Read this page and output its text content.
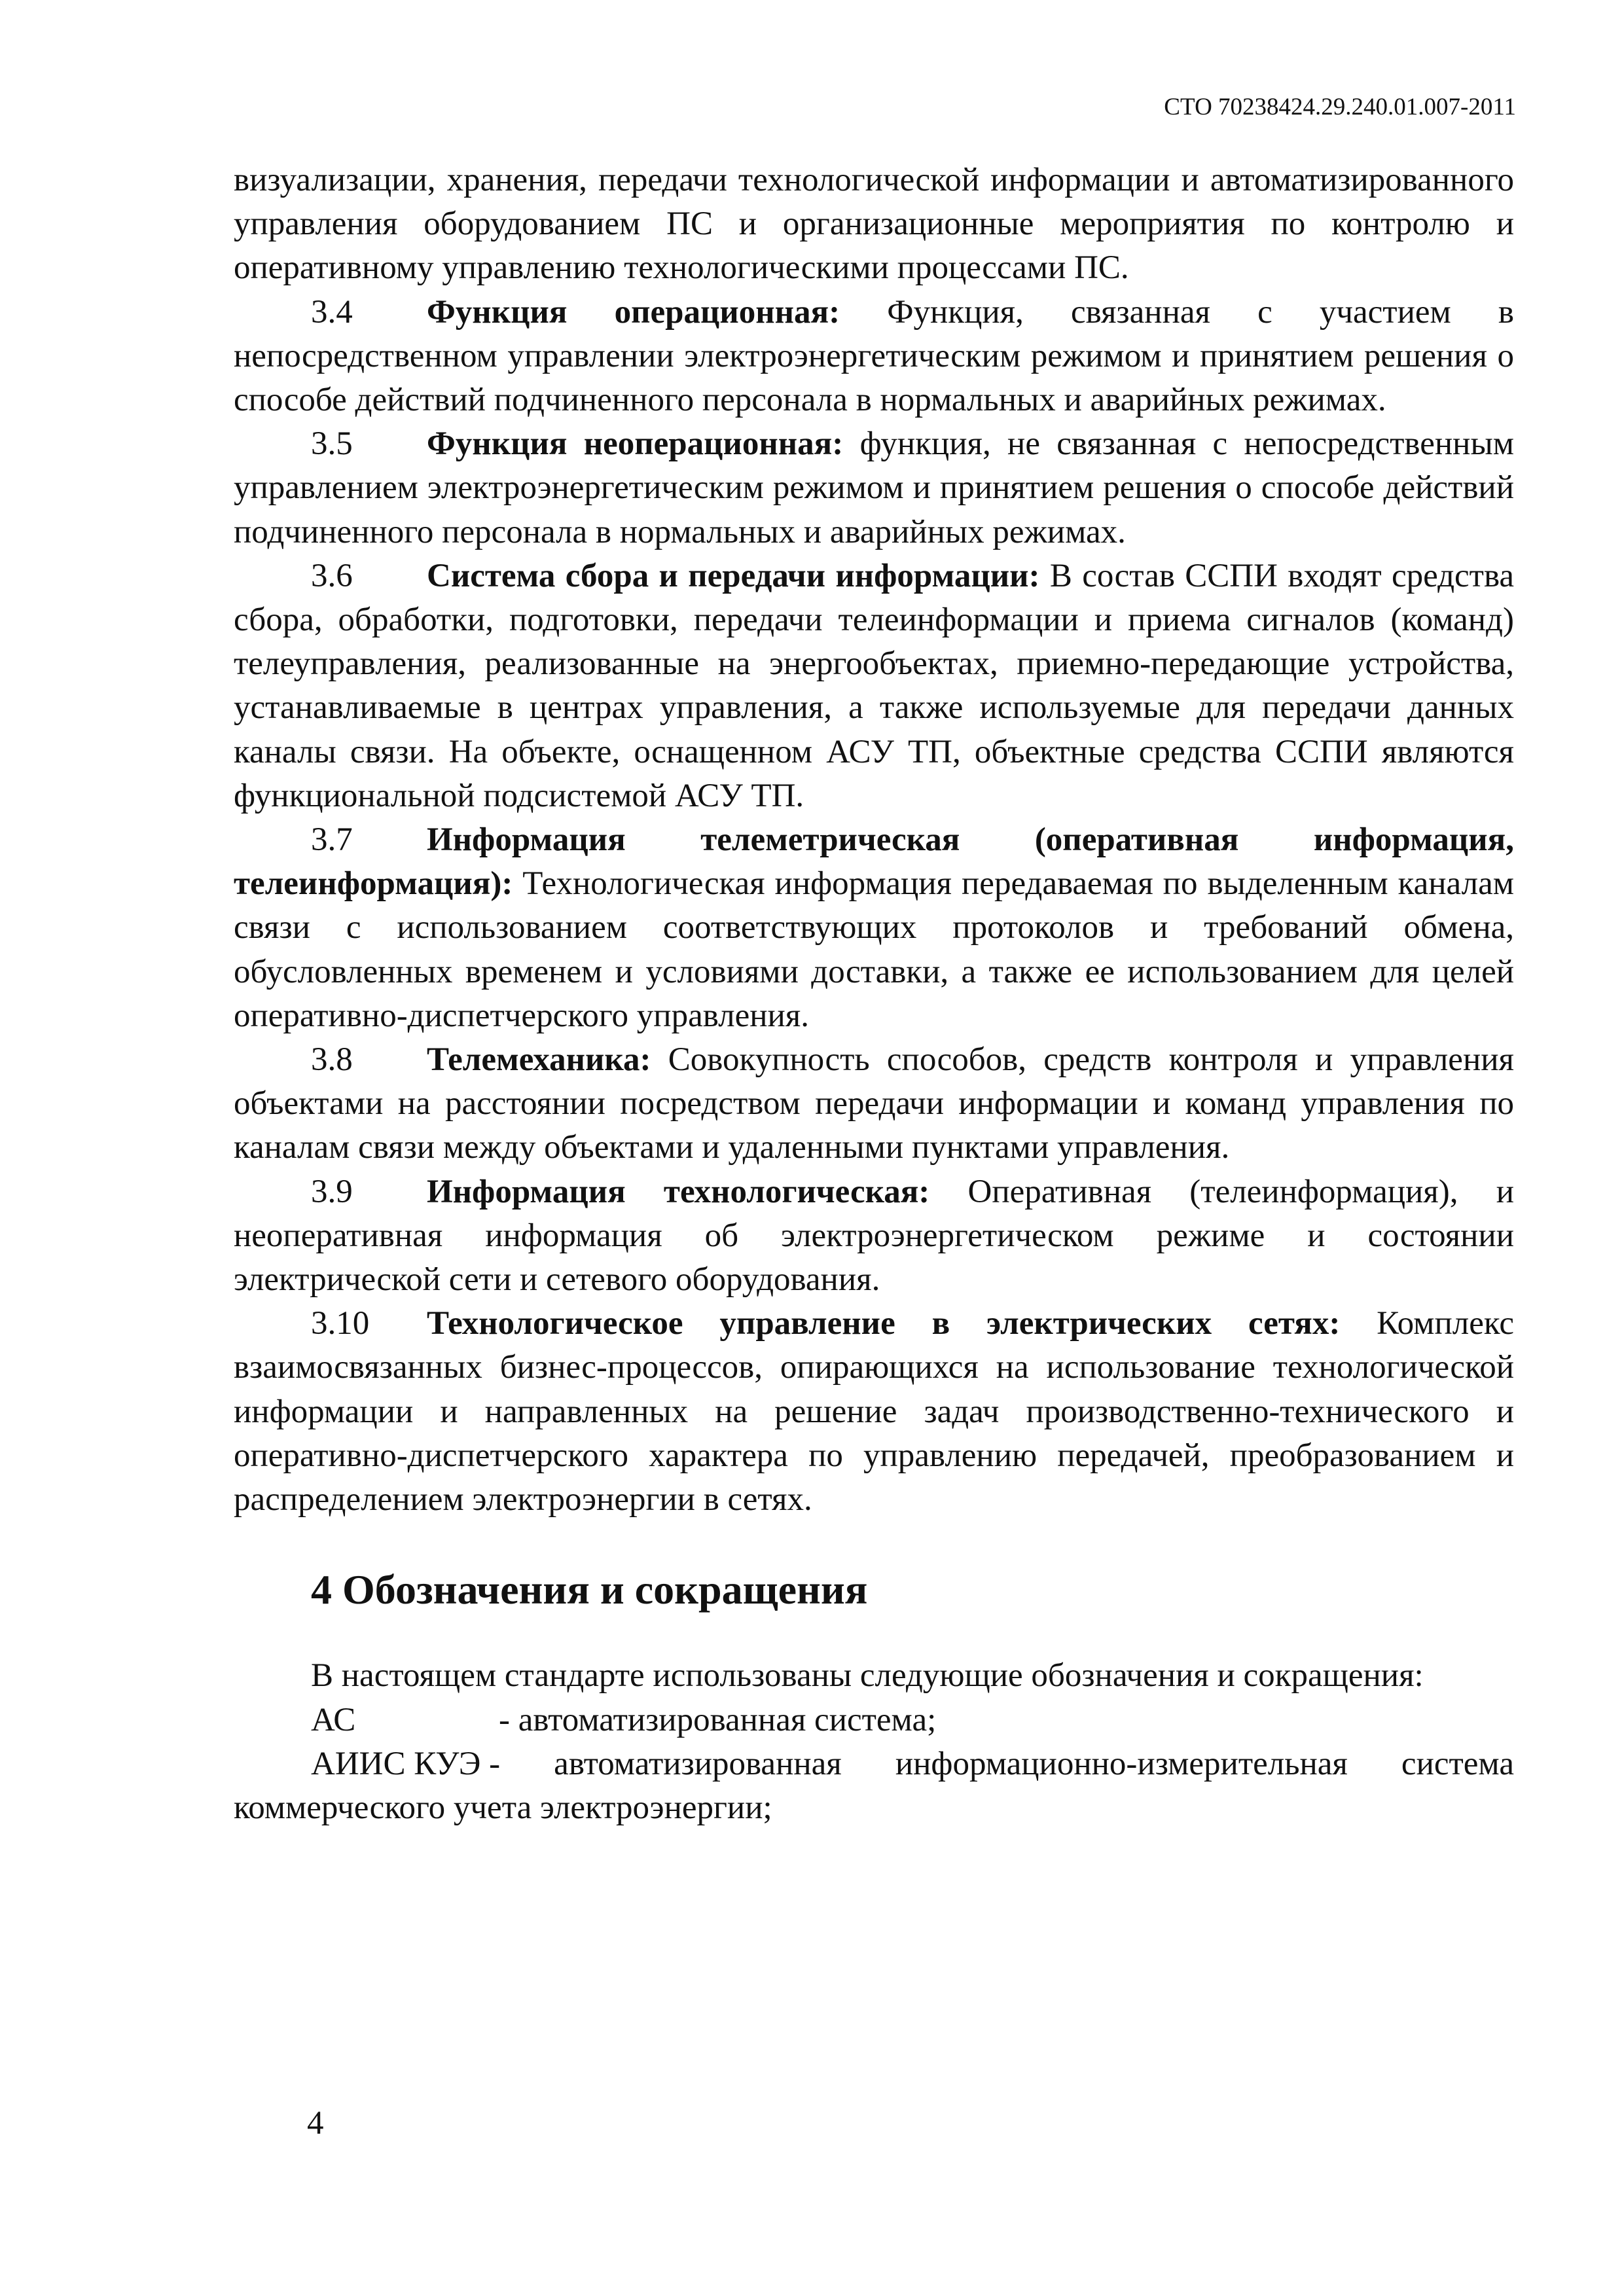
СТО 70238424.29.240.01.007-2011

визуализации, хранения, передачи технологической информации и автоматизированного управления оборудованием ПС и организационные мероприятия по контролю и оперативному управлению технологическими процессами ПС.

3.4 Функция операционная: Функция, связанная с участием в непосредственном управлении электроэнергетическим режимом и принятием решения о способе действий подчиненного персонала в нормальных и аварийных режимах.

3.5 Функция неоперационная: функция, не связанная с непосредственным управлением электроэнергетическим режимом и принятием решения о способе действий подчиненного персонала в нормальных и аварийных режимах.

3.6 Система сбора и передачи информации: В состав ССПИ входят средства сбора, обработки, подготовки, передачи телеинформации и приема сигналов (команд) телеуправления, реализованные на энергообъектах, приемно-передающие устройства, устанавливаемые в центрах управления, а также используемые для передачи данных каналы связи. На объекте, оснащенном АСУ ТП, объектные средства ССПИ являются функциональной подсистемой АСУ ТП.

3.7 Информация телеметрическая (оперативная информация, телеинформация): Технологическая информация передаваемая по выделенным каналам связи с использованием соответствующих протоколов и требований обмена, обусловленных временем и условиями доставки, а также ее использованием для целей оперативно-диспетчерского управления.

3.8 Телемеханика: Совокупность способов, средств контроля и управления объектами на расстоянии посредством передачи информации и команд управления по каналам связи между объектами и удаленными пунктами управления.

3.9 Информация технологическая: Оперативная (телеинформация), и неоперативная информация об электроэнергетическом режиме и состоянии электрической сети и сетевого оборудования.

3.10 Технологическое управление в электрических сетях: Комплекс взаимосвязанных бизнес-процессов, опирающихся на использование технологической информации и направленных на решение задач производственно-технического и оперативно-диспетчерского характера по управлению передачей, преобразованием и распределением электроэнергии в сетях.

4 Обозначения и сокращения

В настоящем стандарте использованы следующие обозначения и сокращения:

АС	- автоматизированная система;

АИИС КУЭ - автоматизированная информационно-измерительная система коммерческого учета электроэнергии;

4
